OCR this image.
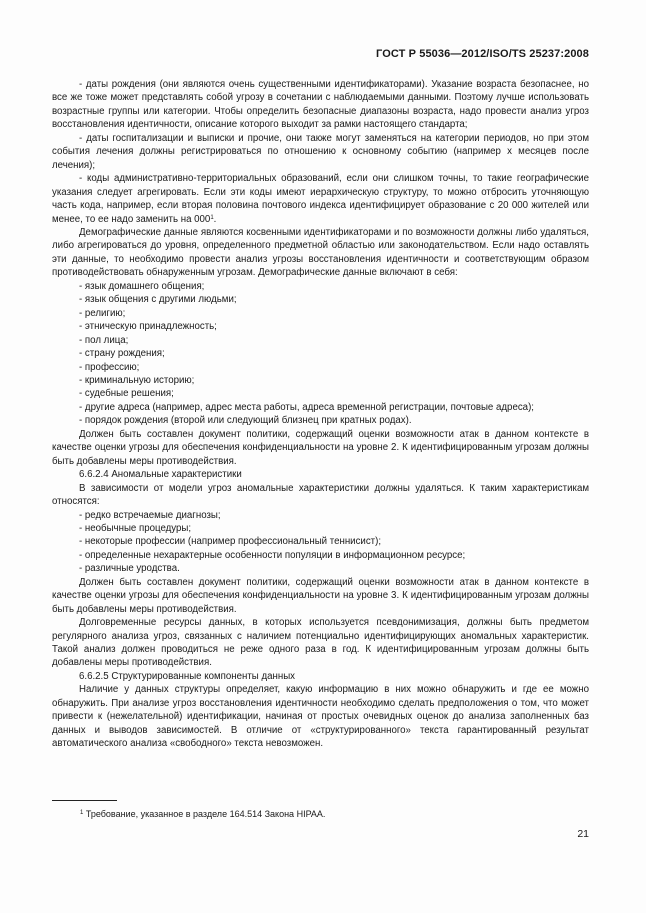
ГОСТ Р 55036—2012/ISO/TS 25237:2008

- даты рождения (они являются очень существенными идентификаторами). Указание возраста безопаснее, но все же тоже может представлять собой угрозу в сочетании с наблюдаемыми данными. Поэтому лучше использовать возрастные группы или категории. Чтобы определить безопасные диапазоны возраста, надо провести анализ угроз восстановления идентичности, описание которого выходит за рамки настоящего стандарта;

- даты госпитализации и выписки и прочие, они также могут заменяться на категории периодов, но при этом события лечения должны регистрироваться по отношению к основному событию (например х месяцев после лечения);

- коды административно-территориальных образований, если они слишком точны, то такие географические указания следует агрегировать. Если эти коды имеют иерархическую структуру, то можно отбросить уточняющую часть кода, например, если вторая половина почтового индекса идентифицирует образование с 20 000 жителей или менее, то ее надо заменить на $000^1$.

Демографические данные являются косвенными идентификаторами и по возможности должны либо удаляться, либо агрегироваться до уровня, определенного предметной областью или законодательством. Если надо оставлять эти данные, то необходимо провести анализ угрозы восстановления идентичности и соответствующим образом противодействовать обнаруженным угрозам. Демографические данные включают в себя:

- язык домашнего общения;

- язык общения с другими людьми;

- религию;

- этническую принадлежность;

- пол лица;

- страну рождения;

- профессию;

- криминальную историю;

- судебные решения;

- другие адреса (например, адрес места работы, адреса временной регистрации, почтовые адреса);

- порядок рождения (второй или следующий близнец при кратных родах).

Должен быть составлен документ политики, содержащий оценки возможности атак в данном контексте в качестве оценки угрозы для обеспечения конфиденциальности на уровне 2. К идентифицированным угрозам должны быть добавлены меры противодействия.

6.6.2.4 Аномальные характеристики

В зависимости от модели угроз аномальные характеристики должны удаляться. К таким характеристикам относятся:

- редко встречаемые диагнозы;

- необычные процедуры;

- некоторые профессии (например профессиональный теннисист);

- определенные нехарактерные особенности популяции в информационном ресурсе;

- различные уродства.

Должен быть составлен документ политики, содержащий оценки возможности атак в данном контексте в качестве оценки угрозы для обеспечения конфиденциальности на уровне 3. К идентифицированным угрозам должны быть добавлены меры противодействия.

Долговременные ресурсы данных, в которых используется псевдонимизация, должны быть предметом регулярного анализа угроз, связанных с наличием потенциально идентифицирующих аномальных характеристик. Такой анализ должен проводиться не реже одного раза в год. К идентифицированным угрозам должны быть добавлены меры противодействия.

6.6.2.5 Структурированные компоненты данных

Наличие у данных структуры определяет, какую информацию в них можно обнаружить и где ее можно обнаружить. При анализе угроз восстановления идентичности необходимо сделать предположения о том, что может привести к (нежелательной) идентификации, начиная от простых очевидных оценок до анализа заполненных баз данных и выводов зависимостей. В отличие от «структурированного» текста гарантированный результат автоматического анализа «свободного» текста невозможен.

$^1$ Требование, указанное в разделе 164.514 Закона HIPAA.
21
